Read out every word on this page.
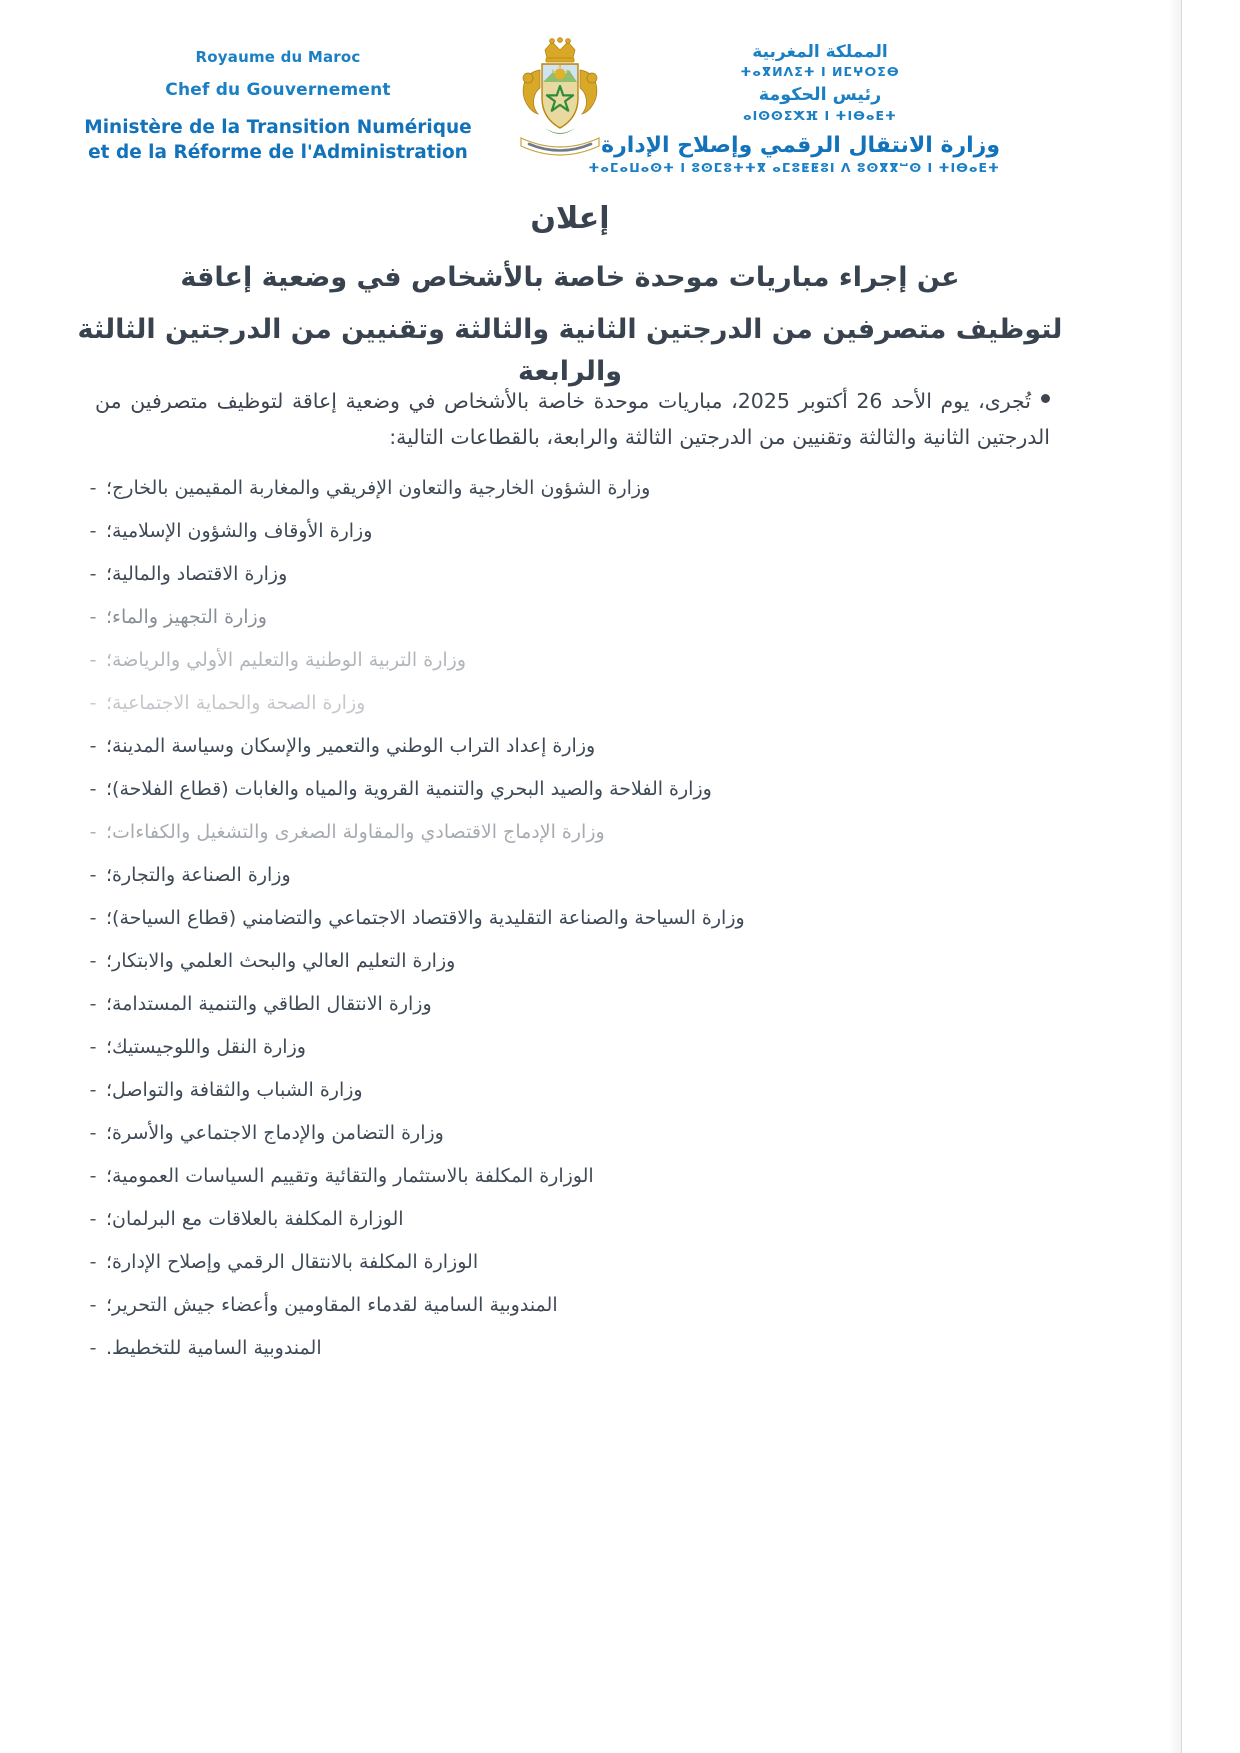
Royaume du Maroc
Chef du Gouvernement
Ministère de la Transition Numérique
et de la Réforme de l'Administration
المملكة المغربية
ⵜⴰⴳⵍⴷⵉⵜ ⵏ ⵍⵎⵖⵔⵉⴱ
رئيس الحكومة
ⴰⵏⵙⵙⵉⵅⴼ ⵏ ⵜⵏⴱⴰⴹⵜ
وزارة الانتقال الرقمي وإصلاح الإدارة
ⵜⴰⵎⴰⵡⴰⵙⵜ ⵏ ⵓⵙⵎⵓⵜⵜⴳ ⴰⵎⵓⵟⵟⵓⵏ ⴷ ⵓⵙⴳⴳⵯⵙ ⵏ ⵜⵏⴱⴰⴹⵜ
إعلان
عن إجراء مباريات موحدة خاصة بالأشخاص في وضعية إعاقة
لتوظيف متصرفين من الدرجتين الثانية والثالثة وتقنيين من الدرجتين الثالثة والرابعة
تُجرى، يوم الأحد 26 أكتوبر 2025، مباريات موحدة خاصة بالأشخاص في وضعية إعاقة لتوظيف متصرفين من الدرجتين الثانية والثالثة وتقنيين من الدرجتين الثالثة والرابعة، بالقطاعات التالية:
وزارة الشؤون الخارجية والتعاون الإفريقي والمغاربة المقيمين بالخارج؛
-
وزارة الأوقاف والشؤون الإسلامية؛
-
وزارة الاقتصاد والمالية؛
-
وزارة التجهيز والماء؛
-
وزارة التربية الوطنية والتعليم الأولي والرياضة؛
-
وزارة الصحة والحماية الاجتماعية؛
-
وزارة إعداد التراب الوطني والتعمير والإسكان وسياسة المدينة؛
-
وزارة الفلاحة والصيد البحري والتنمية القروية والمياه والغابات (قطاع الفلاحة)؛
-
وزارة الإدماج الاقتصادي والمقاولة الصغرى والتشغيل والكفاءات؛
-
وزارة الصناعة والتجارة؛
-
وزارة السياحة والصناعة التقليدية والاقتصاد الاجتماعي والتضامني (قطاع السياحة)؛
-
وزارة التعليم العالي والبحث العلمي والابتكار؛
-
وزارة الانتقال الطاقي والتنمية المستدامة؛
-
وزارة النقل واللوجيستيك؛
-
وزارة الشباب والثقافة والتواصل؛
-
وزارة التضامن والإدماج الاجتماعي والأسرة؛
-
الوزارة المكلفة بالاستثمار والتقائية وتقييم السياسات العمومية؛
-
الوزارة المكلفة بالعلاقات مع البرلمان؛
-
الوزارة المكلفة بالانتقال الرقمي وإصلاح الإدارة؛
-
المندوبية السامية لقدماء المقاومين وأعضاء جيش التحرير؛
-
المندوبية السامية للتخطيط.
-
